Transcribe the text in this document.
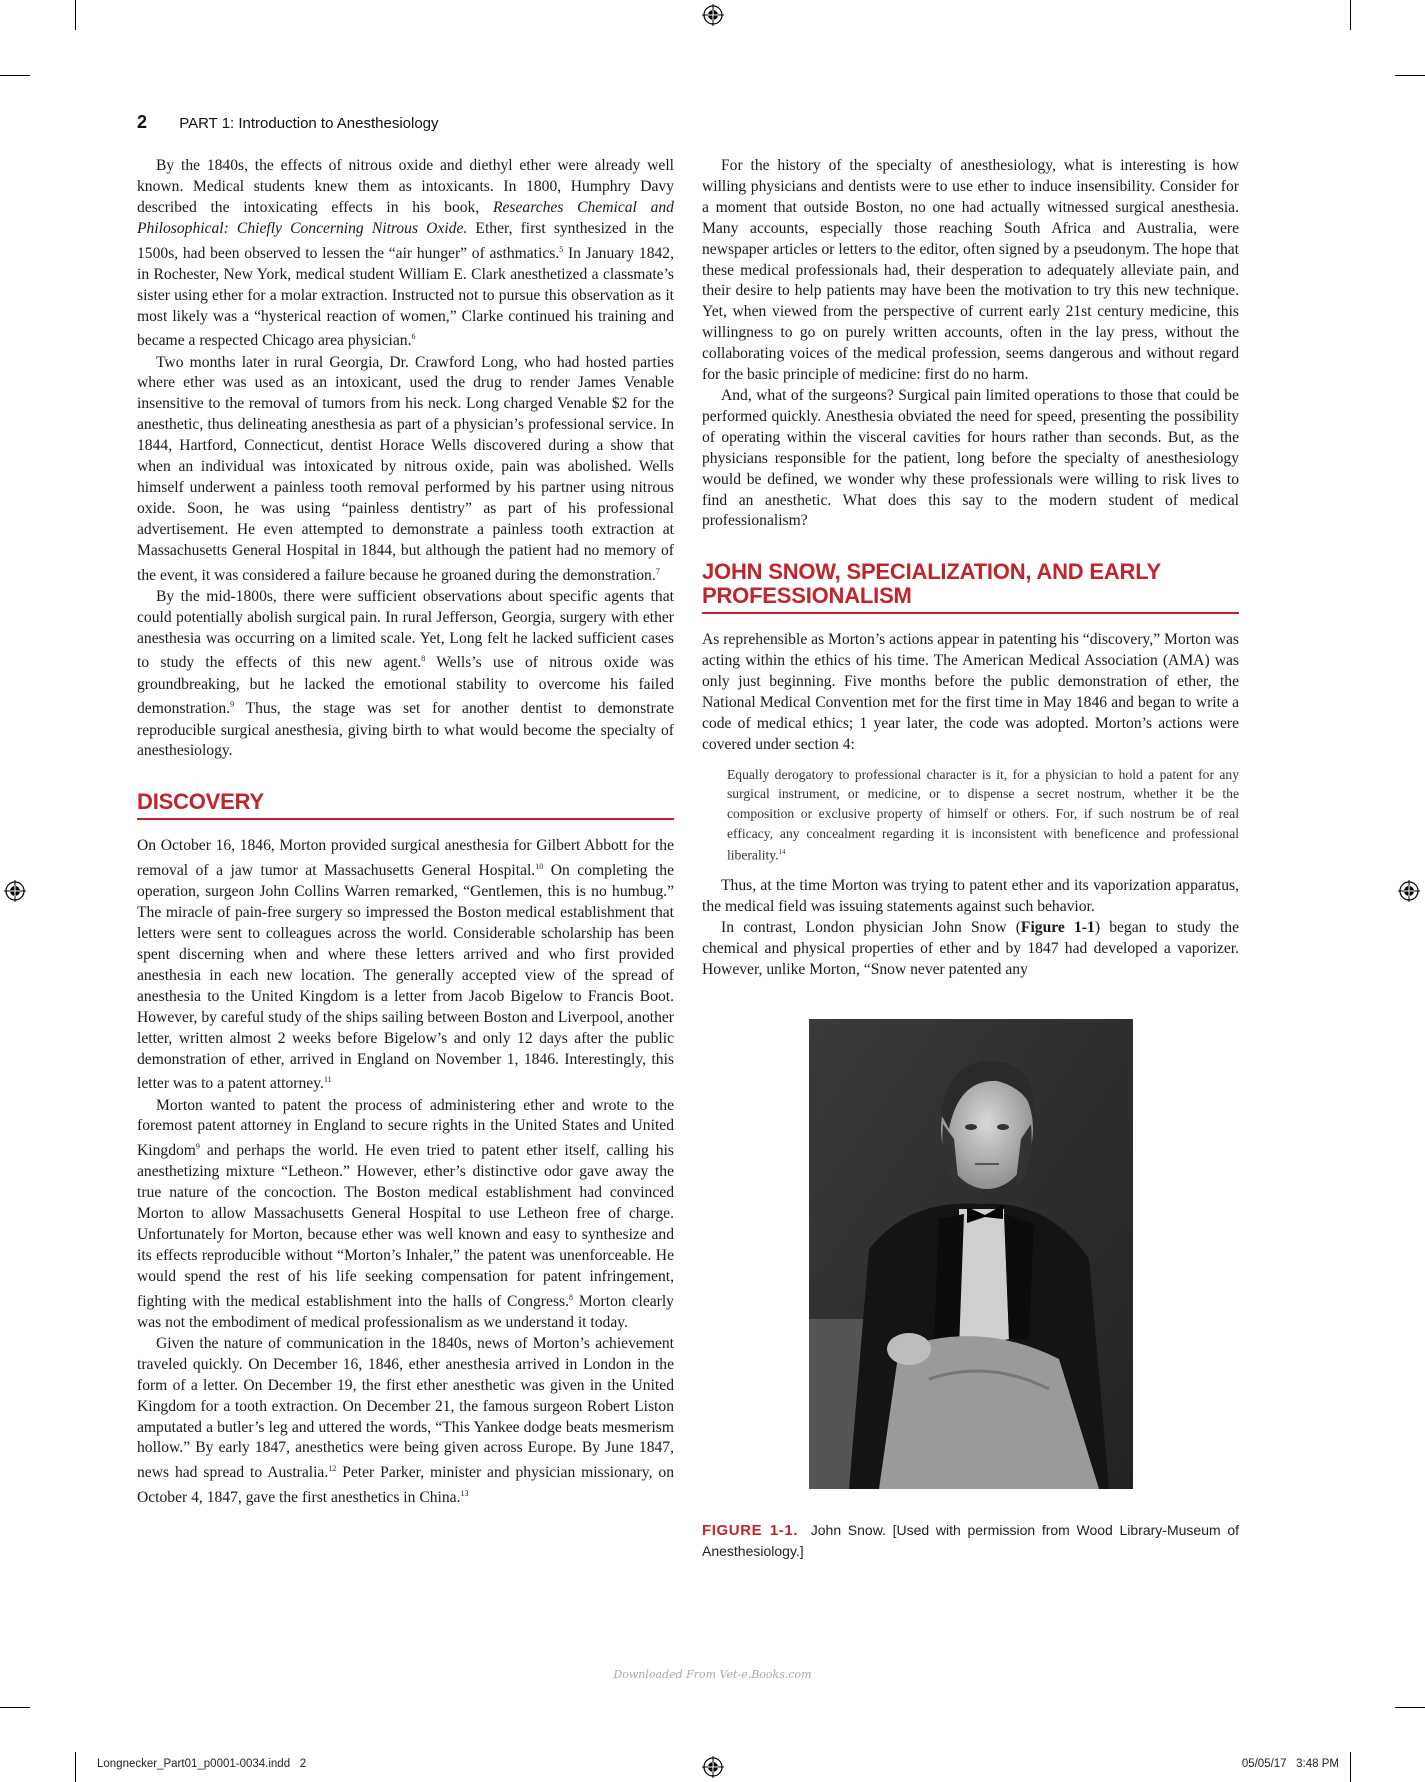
2 PART 1: Introduction to Anesthesiology

By the 1840s, the effects of nitrous oxide and diethyl ether were already well known. Medical students knew them as intoxicants. In 1800, Humphry Davy described the intoxicating effects in his book, Researches Chemical and Philosophical: Chiefly Concerning Nitrous Oxide. Ether, first synthesized in the 1500s, had been observed to lessen the “air hunger” of asthmatics.$^5$ In January 1842, in Rochester, New York, medical student William E. Clark anesthetized a classmate’s sister using ether for a molar extraction. Instructed not to pursue this observation as it most likely was a “hysterical reaction of women,” Clarke continued his training and became a respected Chicago area physician.$^6$

Two months later in rural Georgia, Dr. Crawford Long, who had hosted parties where ether was used as an intoxicant, used the drug to render James Venable insensitive to the removal of tumors from his neck. Long charged Venable $2 for the anesthetic, thus delineating anesthesia as part of a physician’s professional service. In 1844, Hartford, Connecticut, dentist Horace Wells discovered during a show that when an individual was intoxicated by nitrous oxide, pain was abolished. Wells himself underwent a painless tooth removal performed by his partner using nitrous oxide. Soon, he was using “painless dentistry” as part of his professional advertisement. He even attempted to demonstrate a painless tooth extraction at Massachusetts General Hospital in 1844, but although the patient had no memory of the event, it was considered a failure because he groaned during the demonstration.$^7$

By the mid-1800s, there were sufficient observations about specific agents that could potentially abolish surgical pain. In rural Jefferson, Georgia, surgery with ether anesthesia was occurring on a limited scale. Yet, Long felt he lacked sufficient cases to study the effects of this new agent.$^8$ Wells’s use of nitrous oxide was groundbreaking, but he lacked the emotional stability to overcome his failed demonstration.$^9$ Thus, the stage was set for another dentist to demonstrate reproducible surgical anesthesia, giving birth to what would become the specialty of anesthesiology.

DISCOVERY

On October 16, 1846, Morton provided surgical anesthesia for Gilbert Abbott for the removal of a jaw tumor at Massachusetts General Hospital.$^{10}$ On completing the operation, surgeon John Collins Warren remarked, “Gentlemen, this is no humbug.” The miracle of pain-free surgery so impressed the Boston medical establishment that letters were sent to colleagues across the world. Considerable scholarship has been spent discerning when and where these letters arrived and who first provided anesthesia in each new location. The generally accepted view of the spread of anesthesia to the United Kingdom is a letter from Jacob Bigelow to Francis Boot. However, by careful study of the ships sailing between Boston and Liverpool, another letter, written almost 2 weeks before Bigelow’s and only 12 days after the public demonstration of ether, arrived in England on November 1, 1846. Interestingly, this letter was to a patent attorney.$^{11}$

Morton wanted to patent the process of administering ether and wrote to the foremost patent attorney in England to secure rights in the United States and United Kingdom$^9$ and perhaps the world. He even tried to patent ether itself, calling his anesthetizing mixture “Letheon.” However, ether’s distinctive odor gave away the true nature of the concoction. The Boston medical establishment had convinced Morton to allow Massachusetts General Hospital to use Letheon free of charge. Unfortunately for Morton, because ether was well known and easy to synthesize and its effects reproducible without “Morton’s Inhaler,” the patent was unenforceable. He would spend the rest of his life seeking compensation for patent infringement, fighting with the medical establishment into the halls of Congress.$^8$ Morton clearly was not the embodiment of medical professionalism as we understand it today.

Given the nature of communication in the 1840s, news of Morton’s achievement traveled quickly. On December 16, 1846, ether anesthesia arrived in London in the form of a letter. On December 19, the first ether anesthetic was given in the United Kingdom for a tooth extraction. On December 21, the famous surgeon Robert Liston amputated a butler’s leg and uttered the words, “This Yankee dodge beats mesmerism hollow.” By early 1847, anesthetics were being given across Europe. By June 1847, news had spread to Australia.$^{12}$ Peter Parker, minister and physician missionary, on October 4, 1847, gave the first anesthetics in China.$^{13}$

For the history of the specialty of anesthesiology, what is interesting is how willing physicians and dentists were to use ether to induce insensibility. Consider for a moment that outside Boston, no one had actually witnessed surgical anesthesia. Many accounts, especially those reaching South Africa and Australia, were newspaper articles or letters to the editor, often signed by a pseudonym. The hope that these medical professionals had, their desperation to adequately alleviate pain, and their desire to help patients may have been the motivation to try this new technique. Yet, when viewed from the perspective of current early 21st century medicine, this willingness to go on purely written accounts, often in the lay press, without the collaborating voices of the medical profession, seems dangerous and without regard for the basic principle of medicine: first do no harm.

And, what of the surgeons? Surgical pain limited operations to those that could be performed quickly. Anesthesia obviated the need for speed, presenting the possibility of operating within the visceral cavities for hours rather than seconds. But, as the physicians responsible for the patient, long before the specialty of anesthesiology would be defined, we wonder why these professionals were willing to risk lives to find an anesthetic. What does this say to the modern student of medical professionalism?

JOHN SNOW, SPECIALIZATION, AND EARLY PROFESSIONALISM

As reprehensible as Morton’s actions appear in patenting his “discovery,” Morton was acting within the ethics of his time. The American Medical Association (AMA) was only just beginning. Five months before the public demonstration of ether, the National Medical Convention met for the first time in May 1846 and began to write a code of medical ethics; 1 year later, the code was adopted. Morton’s actions were covered under section 4:

Equally derogatory to professional character is it, for a physician to hold a patent for any surgical instrument, or medicine, or to dispense a secret nostrum, whether it be the composition or exclusive property of himself or others. For, if such nostrum be of real efficacy, any concealment regarding it is inconsistent with beneficence and professional liberality.$^{14}$

Thus, at the time Morton was trying to patent ether and its vaporization apparatus, the medical field was issuing statements against such behavior.

In contrast, London physician John Snow (Figure 1-1) began to study the chemical and physical properties of ether and by 1847 had developed a vaporizer. However, unlike Morton, “Snow never patented any

FIGURE 1-1. John Snow. [Used with permission from Wood Library-Museum of Anesthesiology.]
Downloaded From Vet-e.Books.com
Longnecker_Part01_p0001-0034.indd   2	05/05/17   3:48 PM
